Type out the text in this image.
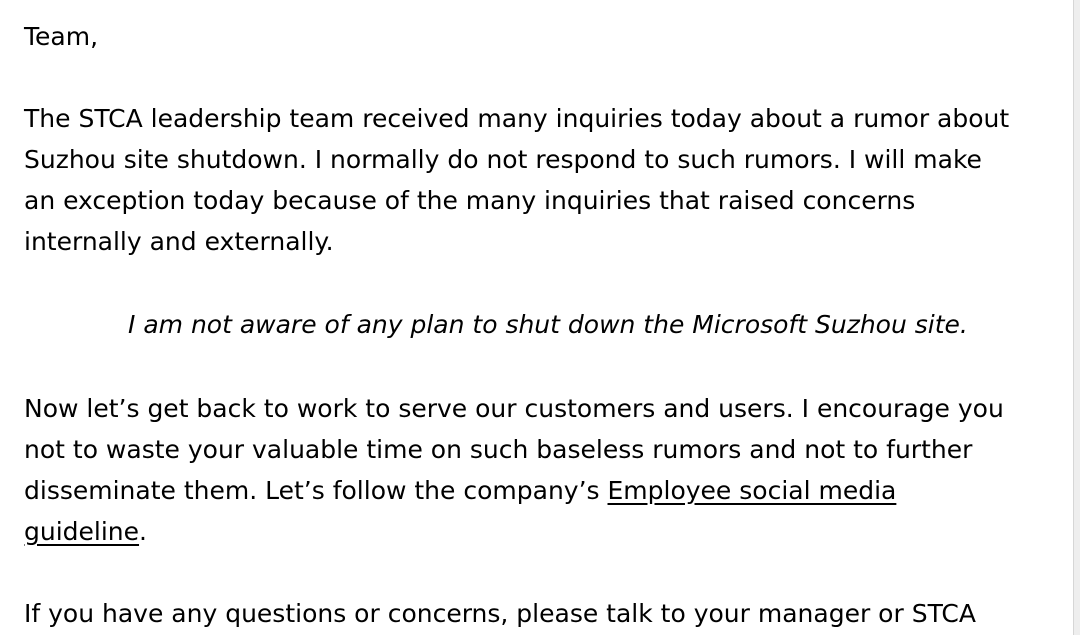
Team,

The STCA leadership team received many inquiries today about a rumor about
Suzhou site shutdown. I normally do not respond to such rumors. I will make
an exception today because of the many inquiries that raised concerns
internally and externally.

I am not aware of any plan to shut down the Microsoft Suzhou site.

Now let’s get back to work to serve our customers and users. I encourage you
not to waste your valuable time on such baseless rumors and not to further
disseminate them. Let’s follow the company’s Employee social media
guideline.

If you have any questions or concerns, please talk to your manager or STCA
